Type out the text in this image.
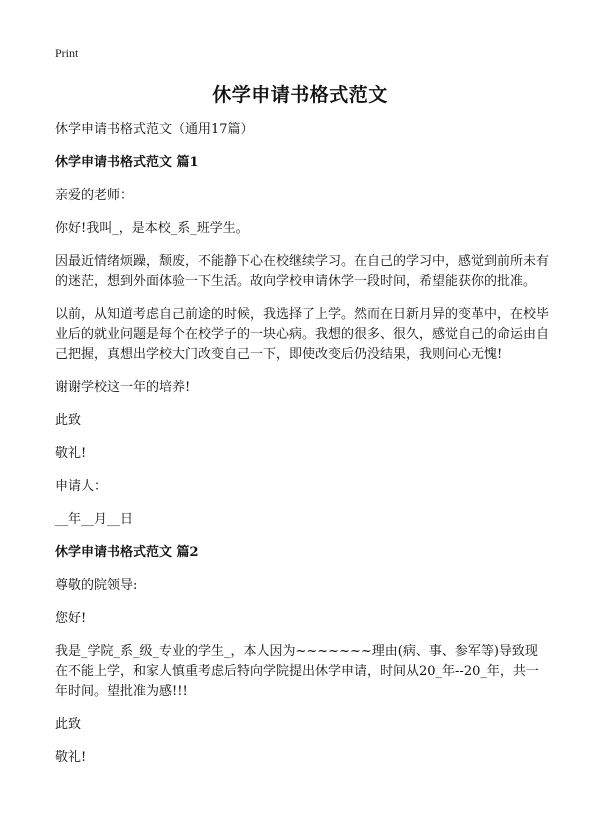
Print
休学申请书格式范文
休学申请书格式范文（通用17篇）
休学申请书格式范文 篇1
亲爱的老师：
你好!我叫_，是本校_系_班学生。
因最近情绪烦躁，颓废，不能静下心在校继续学习。在自己的学习中，感觉到前所未有的迷茫，想到外面体验一下生活。故向学校申请休学一段时间，希望能获你的批准。
以前，从知道考虑自己前途的时候，我选择了上学。然而在日新月异的变革中，在校毕业后的就业问题是每个在校学子的一块心病。我想的很多、很久，感觉自己的命运由自己把握，真想出学校大门改变自己一下，即使改变后仍没结果，我则问心无愧!
谢谢学校这一年的培养!
此致
敬礼!
申请人：
__年__月__日
休学申请书格式范文 篇2
尊敬的院领导:
您好!
我是_学院_系_级_专业的学生_，本人因为~~~~~~~理由(病、事、参军等)导致现在不能上学，和家人慎重考虑后特向学院提出休学申请，时间从20_年--20_年，共一年时间。望批准为感!!!
此致
敬礼!
